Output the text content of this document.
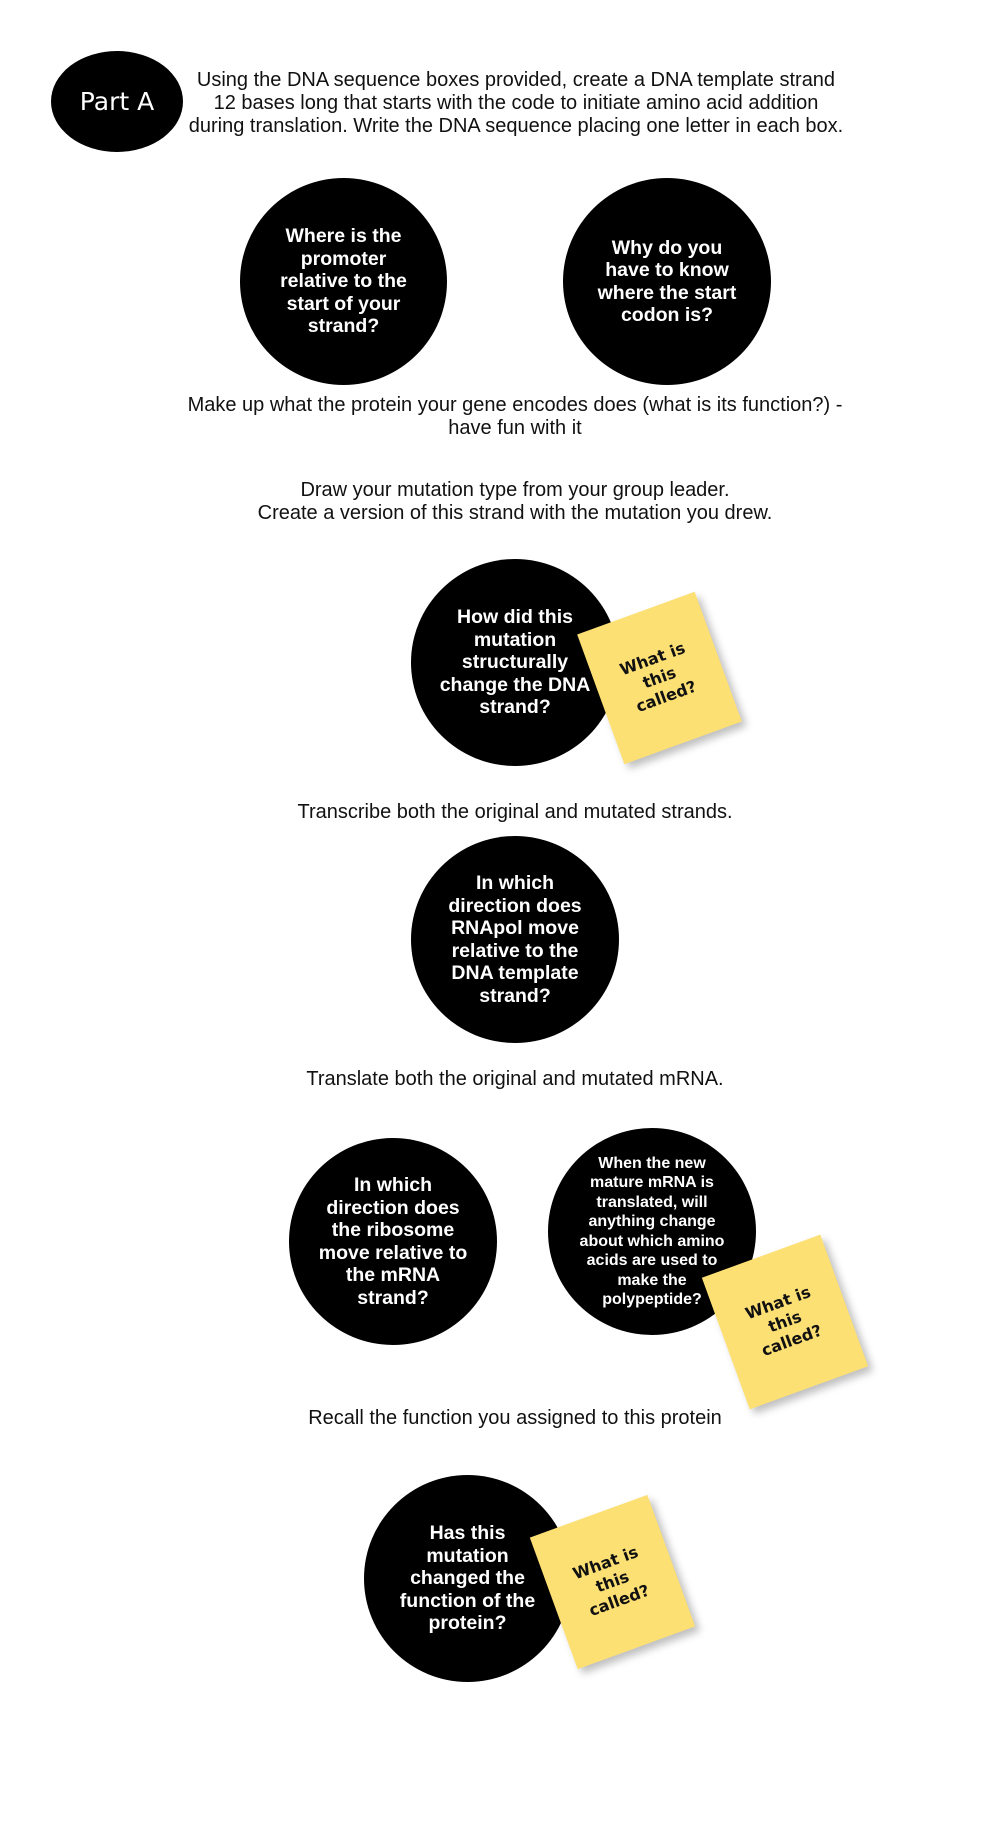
Part A
Using the DNA sequence boxes provided, create a DNA template strand 12 bases long that starts with the code to initiate amino acid addition during translation. Write the DNA sequence placing one letter in each box.
Where is the promoter relative to the start of your strand?
Why do you have to know where the start codon is?
Make up what the protein your gene encodes does (what is its function?) - have fun with it
Draw your mutation type from your group leader.
Create a version of this strand with the mutation you drew.
How did this mutation structurally change the DNA strand?
What is this called?
Transcribe both the original and mutated strands.
In which direction does RNApol move relative to the DNA template strand?
Translate both the original and mutated mRNA.
In which direction does the ribosome move relative to the mRNA strand?
When the new mature mRNA is translated, will anything change about which amino acids are used to make the polypeptide?	What is this called?
Recall the function you assigned to this protein
Has this mutation changed the function of the protein?
What is this called?
